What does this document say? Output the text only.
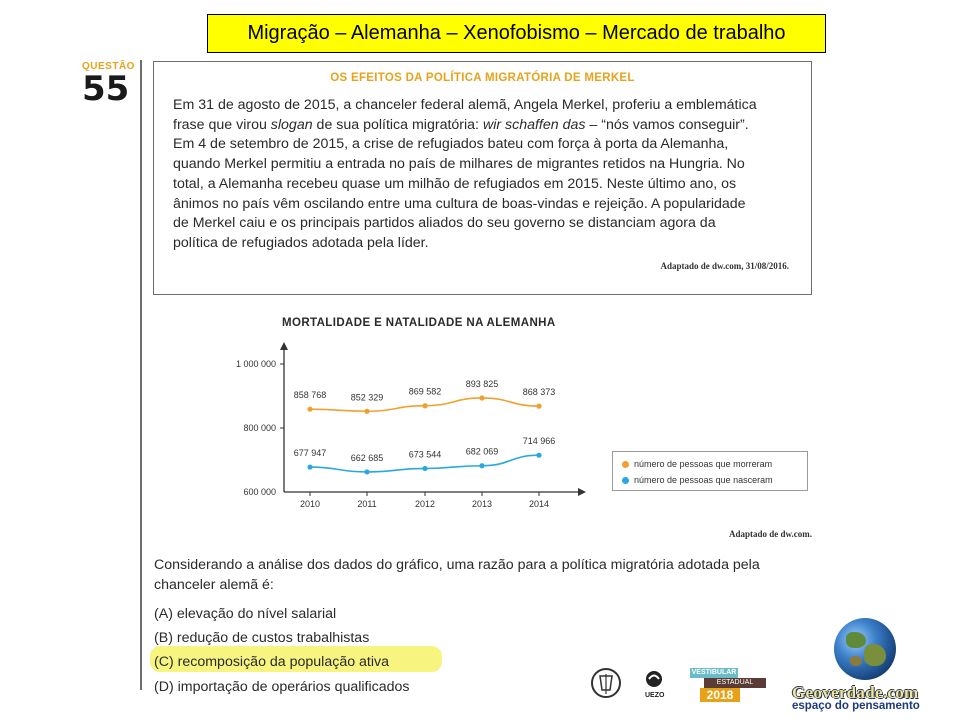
Migração – Alemanha – Xenofobismo – Mercado de trabalho
QUESTÃO
55	OS EFEITOS DA POLÍTICA MIGRATÓRIA DE MERKEL
Em 31 de agosto de 2015, a chanceler federal alemã, Angela Merkel, proferiu a emblemática
frase que virou slogan de sua política migratória: wir schaffen das – “nós vamos conseguir”.
Em 4 de setembro de 2015, a crise de refugiados bateu com força à porta da Alemanha,
quando Merkel permitiu a entrada no país de milhares de migrantes retidos na Hungria. No
total, a Alemanha recebeu quase um milhão de refugiados em 2015. Neste último ano, os
ânimos no país vêm oscilando entre uma cultura de boas-vindas e rejeição. A popularidade
de Merkel caiu e os principais partidos aliados do seu governo se distanciam agora da
política de refugiados adotada pela líder.
Adaptado de dw.com, 31/08/2016.
MORTALIDADE E NATALIDADE NA ALEMANHA
600 000
800 000
1 000 000
2010	2011	2012	2013	2014
858 768	852 329
869 582
893 825
868 373
677 947	662 685	673 544	682 069
714 966
número de pessoas que morreram
número de pessoas que nasceram
Adaptado de dw.com.
Considerando a análise dos dados do gráfico, uma razão para a política migratória adotada pela chanceler alemã é:
(A) elevação do nível salarial
(B) redução de custos trabalhistas
(C) recomposição da população ativa
(D) importação de operários qualificados
UEZO
VESTIBULAR
ESTADUAL
2018	Geoverdade.com
espaço do pensamento
